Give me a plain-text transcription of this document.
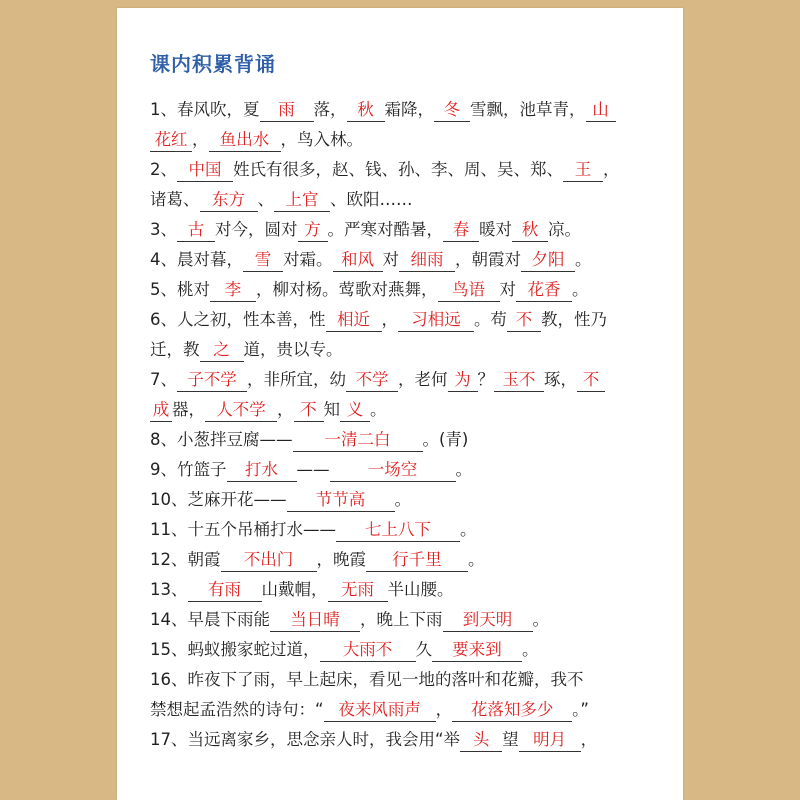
课内积累背诵
1、春风吹，夏 雨 落， 秋 霜降， 冬 雪飘，池草青， 山
花红 ， 鱼出水 ，鸟入林。
2、 中国 姓氏有很多，赵、钱、孙、李、周、吴、郑、 王 ，
诸葛、 东方 、 上官 、欧阳……
3、 古 对今，圆对 方 。严寒对酷暑， 春 暖对 秋 凉。
4、晨对暮， 雪 对霜。 和风 对 细雨 ，朝霞对 夕阳 。
5、桃对 李 ，柳对杨。莺歌对燕舞， 鸟语 对 花香 。
6、人之初，性本善，性 相近 ， 习相远 。苟 不 教，性乃
迁，教 之 道，贵以专。
7、 子不学 ，非所宜，幼 不学 ，老何 为 ？ 玉不 琢， 不
成 器， 人不学 ， 不 知 义 。
8、小葱拌豆腐—— 一清二白 。(青)
9、竹篮子 打水 —— 一场空 。
10、芝麻开花—— 节节高 。
11、十五个吊桶打水—— 七上八下 。
12、朝霞 不出门 ，晚霞 行千里 。
13、 有雨 山戴帽， 无雨 半山腰。
14、早晨下雨能 当日晴 ，晚上下雨 到天明 。
15、蚂蚁搬家蛇过道， 大雨不 久 要来到 。
16、昨夜下了雨，早上起床，看见一地的落叶和花瓣，我不
禁想起孟浩然的诗句：“ 夜来风雨声 ， 花落知多少 。”
17、当远离家乡，思念亲人时，我会用“举 头 望 明月 ，
